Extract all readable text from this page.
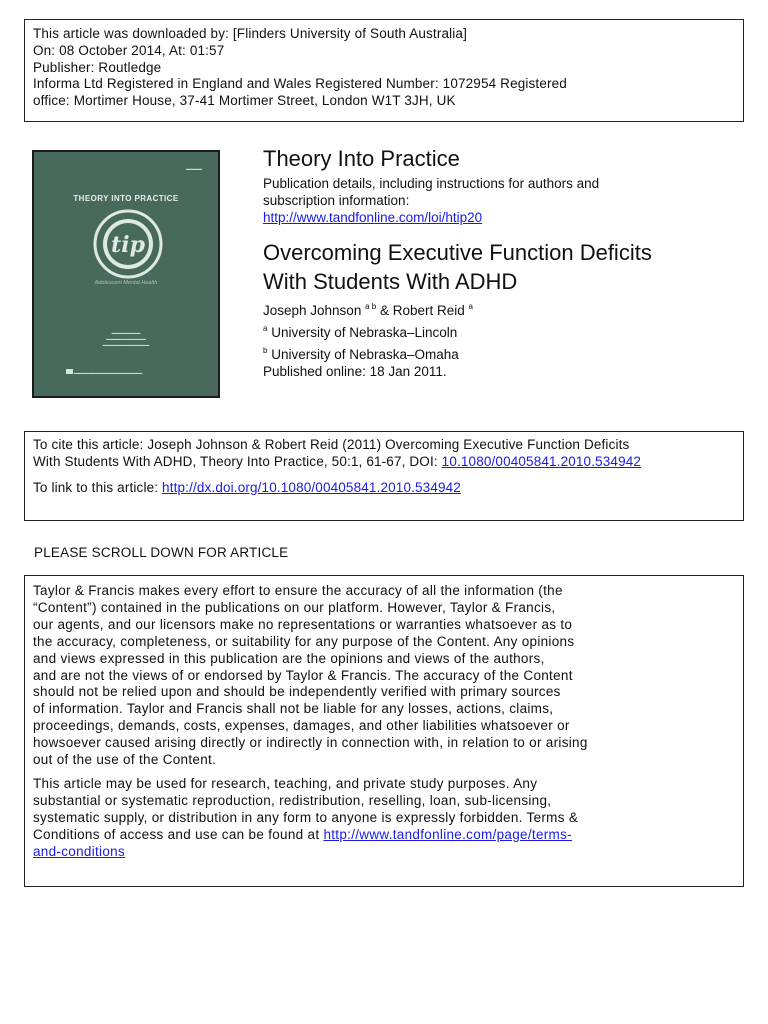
This article was downloaded by: [Flinders University of South Australia]
On: 08 October 2014, At: 01:57
Publisher: Routledge
Informa Ltd Registered in England and Wales Registered Number: 1072954 Registered
office: Mortimer House, 37-41 Mortimer Street, London W1T 3JH, UK
▬▬▬▬
THEORY INTO PRACTICE
tip
Adolescent Mental Health
▬▬▬▬▬▬▬▬
▬▬▬▬▬▬▬▬▬▬▬
▬▬▬▬▬▬▬▬▬▬▬▬▬
▬▬▬▬▬▬▬▬▬▬▬▬▬▬▬▬▬▬▬
Theory Into Practice
Publication details, including instructions for authors and
subscription information:
http://www.tandfonline.com/loi/htip20
Overcoming Executive Function Deficits
With Students With ADHD
Joseph Johnson $^{a b}$ & Robert Reid $^a$
$^a$ University of Nebraska–Lincoln
$^b$ University of Nebraska–Omaha
Published online: 18 Jan 2011.
To cite this article: Joseph Johnson & Robert Reid (2011) Overcoming Executive Function Deficits
With Students With ADHD, Theory Into Practice, 50:1, 61-67, DOI: 10.1080/00405841.2010.534942
To link to this article: http://dx.doi.org/10.1080/00405841.2010.534942
PLEASE SCROLL DOWN FOR ARTICLE

Taylor & Francis makes every effort to ensure the accuracy of all the information (the
“Content”) contained in the publications on our platform. However, Taylor & Francis,
our agents, and our licensors make no representations or warranties whatsoever as to
the accuracy, completeness, or suitability for any purpose of the Content. Any opinions
and views expressed in this publication are the opinions and views of the authors,
and are not the views of or endorsed by Taylor & Francis. The accuracy of the Content
should not be relied upon and should be independently verified with primary sources
of information. Taylor and Francis shall not be liable for any losses, actions, claims,
proceedings, demands, costs, expenses, damages, and other liabilities whatsoever or
howsoever caused arising directly or indirectly in connection with, in relation to or arising
out of the use of the Content.

This article may be used for research, teaching, and private study purposes. Any
substantial or systematic reproduction, redistribution, reselling, loan, sub-licensing,
systematic supply, or distribution in any form to anyone is expressly forbidden. Terms &
Conditions of access and use can be found at http://www.tandfonline.com/page/terms-
and-conditions
